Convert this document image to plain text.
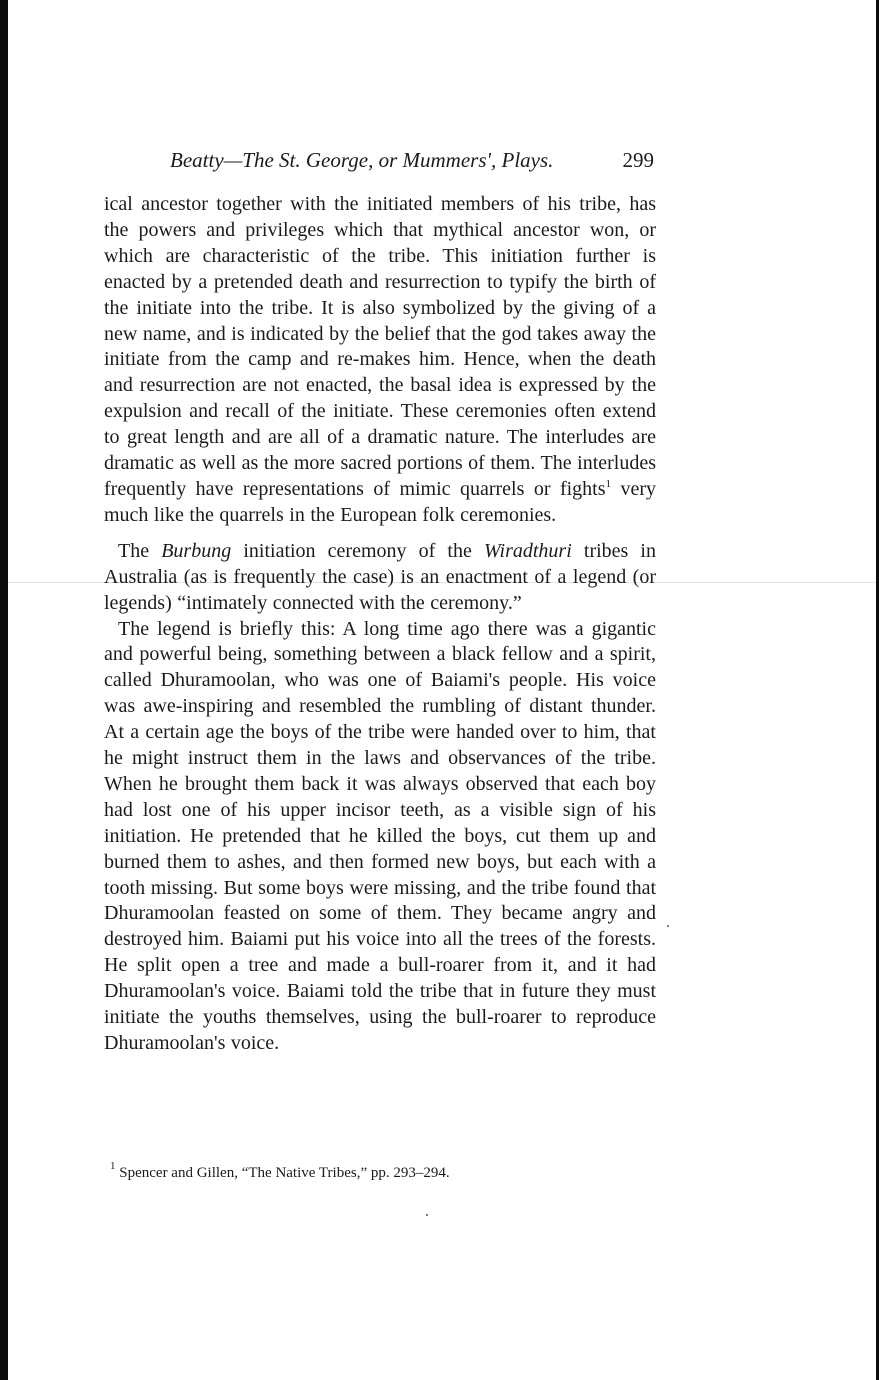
Beatty—The St. George, or Mummers', Plays.	299

ical ancestor together with the initiated members of his tribe, has the powers and privileges which that mythical ancestor won, or which are characteristic of the tribe. This initiation further is enacted by a pretended death and resurrection to typify the birth of the initiate into the tribe. It is also symbolized by the giving of a new name, and is indicated by the belief that the god takes away the initiate from the camp and re-makes him. Hence, when the death and resurrection are not enacted, the basal idea is expressed by the expulsion and recall of the initiate. These ceremonies often extend to great length and are all of a dramatic nature. The interludes are dramatic as well as the more sacred portions of them. The interludes frequently have representations of mimic quarrels or fights$^1$ very much like the quarrels in the European folk ceremonies.

The Burbung initiation ceremony of the Wiradthuri tribes in Australia (as is frequently the case) is an enactment of a legend (or legends) “intimately connected with the ceremony.”

The legend is briefly this: A long time ago there was a gigantic and powerful being, something between a black fellow and a spirit, called Dhuramoolan, who was one of Baiami's people. His voice was awe-inspiring and resembled the rumbling of distant thunder. At a certain age the boys of the tribe were handed over to him, that he might instruct them in the laws and observances of the tribe. When he brought them back it was always observed that each boy had lost one of his upper incisor teeth, as a visible sign of his initiation. He pretended that he killed the boys, cut them up and burned them to ashes, and then formed new boys, but each with a tooth missing. But some boys were missing, and the tribe found that Dhuramoolan feasted on some of them. They became angry and destroyed him. Baiami put his voice into all the trees of the forests. He split open a tree and made a bull-roarer from it, and it had Dhuramoolan's voice. Baiami told the tribe that in future they must initiate the youths themselves, using the bull-roarer to reproduce Dhuramoolan's voice.

$^1$ Spencer and Gillen, “The Native Tribes,” pp. 293–294.
